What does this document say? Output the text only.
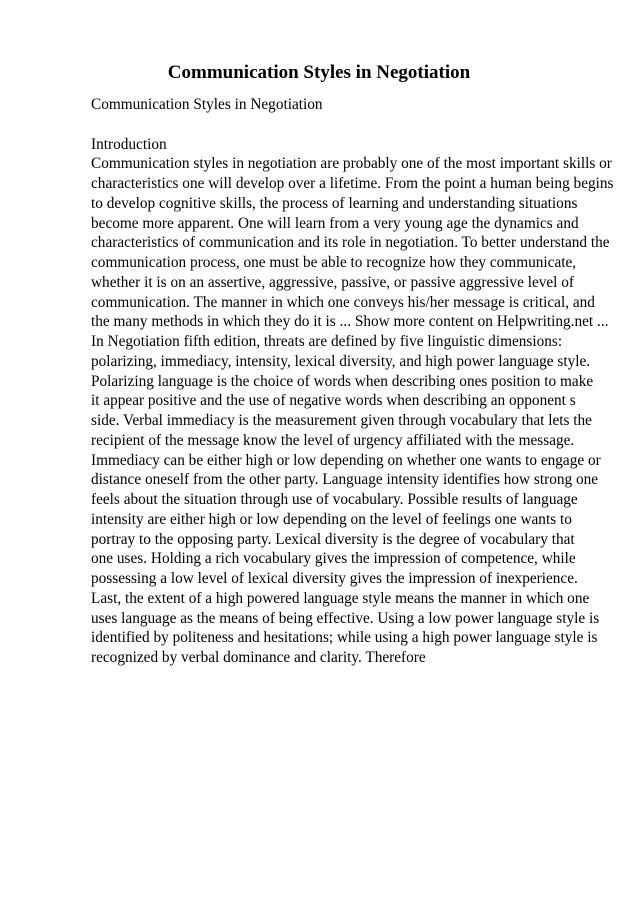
Communication Styles in Negotiation
Communication Styles in Negotiation
Introduction
Communication styles in negotiation are probably one of the most important skills or
characteristics one will develop over a lifetime. From the point a human being begins
to develop cognitive skills, the process of learning and understanding situations
become more apparent. One will learn from a very young age the dynamics and
characteristics of communication and its role in negotiation. To better understand the
communication process, one must be able to recognize how they communicate,
whether it is on an assertive, aggressive, passive, or passive aggressive level of
communication. The manner in which one conveys his/her message is critical, and
the many methods in which they do it is ... Show more content on Helpwriting.net ...
In Negotiation fifth edition, threats are defined by five linguistic dimensions:
polarizing, immediacy, intensity, lexical diversity, and high power language style.
Polarizing language is the choice of words when describing ones position to make
it appear positive and the use of negative words when describing an opponent s
side. Verbal immediacy is the measurement given through vocabulary that lets the
recipient of the message know the level of urgency affiliated with the message.
Immediacy can be either high or low depending on whether one wants to engage or
distance oneself from the other party. Language intensity identifies how strong one
feels about the situation through use of vocabulary. Possible results of language
intensity are either high or low depending on the level of feelings one wants to
portray to the opposing party. Lexical diversity is the degree of vocabulary that
one uses. Holding a rich vocabulary gives the impression of competence, while
possessing a low level of lexical diversity gives the impression of inexperience.
Last, the extent of a high powered language style means the manner in which one
uses language as the means of being effective. Using a low power language style is
identified by politeness and hesitations; while using a high power language style is
recognized by verbal dominance and clarity. Therefore
